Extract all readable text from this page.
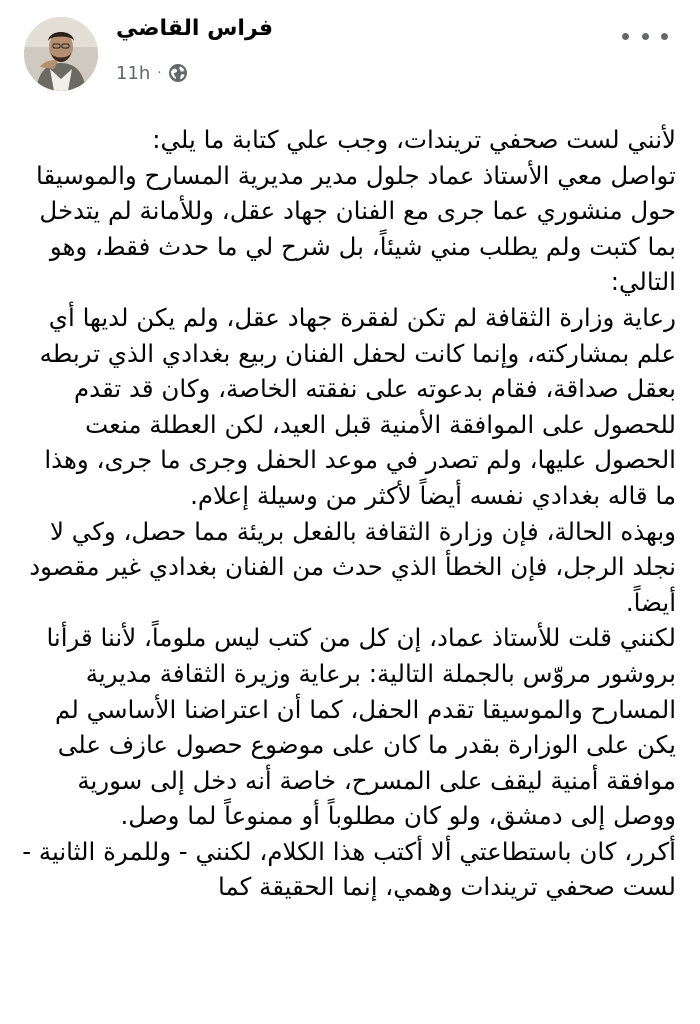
فراس القاضي
11h ·

لأنني لست صحفي تريندات، وجب علي كتابة ما يلي:
تواصل معي الأستاذ عماد جلول مدير مديرية المسارح والموسيقا حول منشوري عما جرى مع الفنان جهاد عقل، وللأمانة لم يتدخل بما كتبت ولم يطلب مني شيئاً، بل شرح لي ما حدث فقط، وهو التالي:
رعاية وزارة الثقافة لم تكن لفقرة جهاد عقل، ولم يكن لديها أي علم بمشاركته، وإنما كانت لحفل الفنان ربيع بغدادي الذي تربطه بعقل صداقة، فقام بدعوته على نفقته الخاصة، وكان قد تقدم للحصول على الموافقة الأمنية قبل العيد، لكن العطلة منعت الحصول عليها، ولم تصدر في موعد الحفل وجرى ما جرى، وهذا ما قاله بغدادي نفسه أيضاً لأكثر من وسيلة إعلام.
وبهذه الحالة، فإن وزارة الثقافة بالفعل بريئة مما حصل، وكي لا نجلد الرجل، فإن الخطأ الذي حدث من الفنان بغدادي غير مقصود أيضاً.
لكنني قلت للأستاذ عماد، إن كل من كتب ليس ملوماً، لأننا قرأنا بروشور مروّس بالجملة التالية: برعاية وزيرة الثقافة مديرية المسارح والموسيقا تقدم الحفل، كما أن اعتراضنا الأساسي لم يكن على الوزارة بقدر ما كان على موضوع حصول عازف على موافقة أمنية ليقف على المسرح، خاصة أنه دخل إلى سورية ووصل إلى دمشق، ولو كان مطلوباً أو ممنوعاً لما وصل.
أكرر، كان باستطاعتي ألا أكتب هذا الكلام، لكنني - وللمرة الثانية - لست صحفي تريندات وهمي، إنما الحقيقة كما
